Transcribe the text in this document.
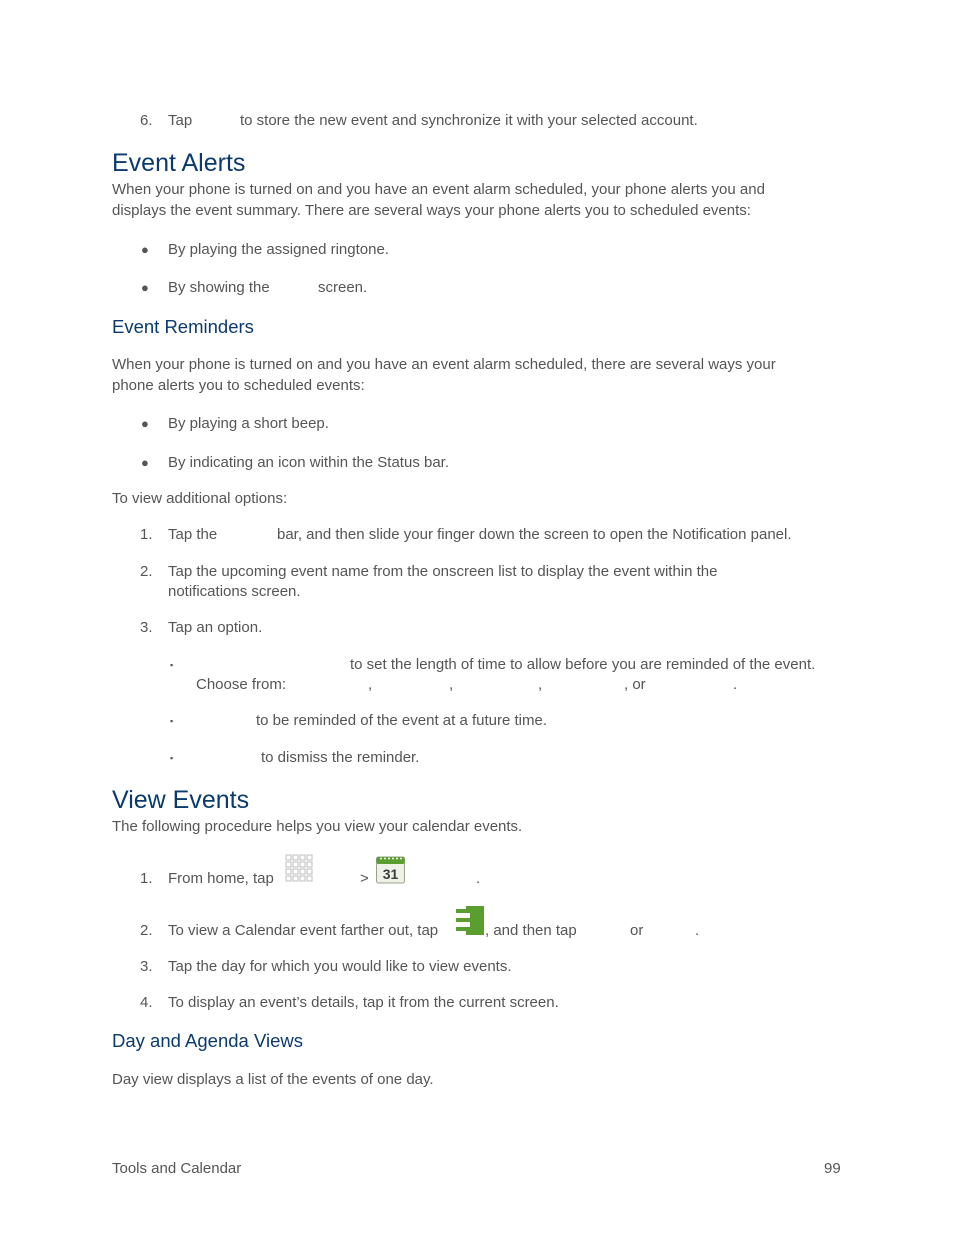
6. Tap	to store the new event and synchronize it with your selected account.
Event Alerts
When your phone is turned on and you have an event alarm scheduled, your phone alerts you and
displays the event summary. There are several ways your phone alerts you to scheduled events:
● By playing the assigned ringtone.
● By showing the	screen.
Event Reminders
When your phone is turned on and you have an event alarm scheduled, there are several ways your
phone alerts you to scheduled events:
● By playing a short beep.
● By indicating an icon within the Status bar.
To view additional options:
1. Tap the	bar, and then slide your finger down the screen to open the Notification panel.
2. Tap the upcoming event name from the onscreen list to display the event within the
notifications screen.
3. Tap an option.
▪	to set the length of time to allow before you are reminded of the event.
Choose from:	,	,	,	, or	.
▪	to be reminded of the event at a future time.
▪	to dismiss the reminder.
View Events
The following procedure helps you view your calendar events.
1. From home, tap	> 31	.
2. To view a Calendar event farther out, tap	, and then tap	or	.
3. Tap the day for which you would like to view events.
4. To display an event’s details, tap it from the current screen.
Day and Agenda Views
Day view displays a list of the events of one day.
Tools and Calendar	99
